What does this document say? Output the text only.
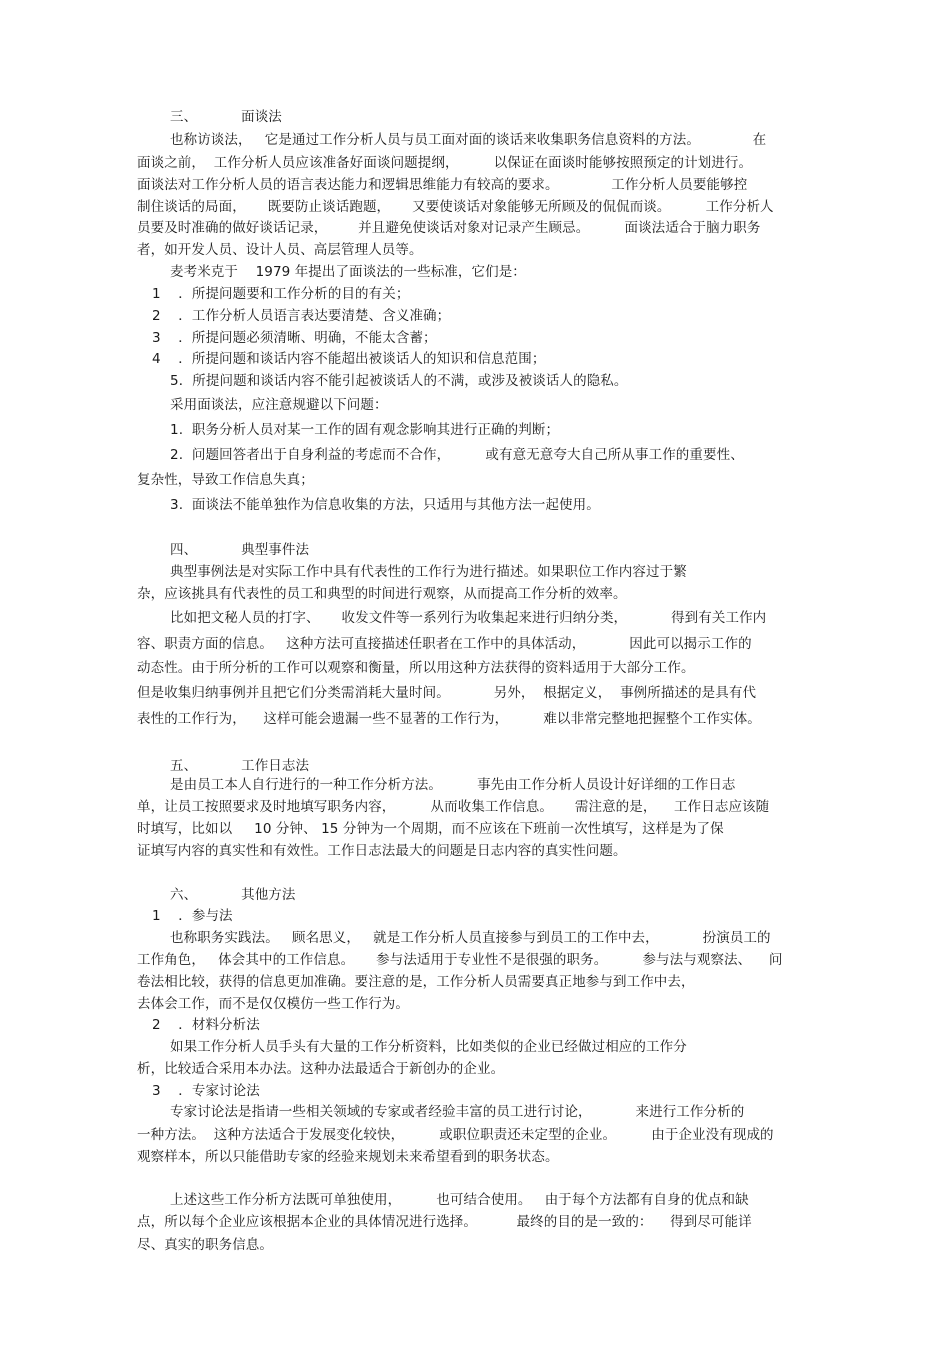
三、          面谈法
也称访谈法，   它是通过工作分析人员与员工面对面的谈话来收集职务信息资料的方法。            在
面谈之前，  工作分析人员应该准备好面谈问题提纲，        以保证在面谈时能够按照预定的计划进行。
面谈法对工作分析人员的语言表达能力和逻辑思维能力有较高的要求。            工作分析人员要能够控
制住谈话的局面，     既要防止谈话跑题，     又要使谈话对象能够无所顾及的侃侃而谈。        工作分析人
员要及时准确的做好谈话记录，       并且避免使谈话对象对记录产生顾忌。        面谈法适合于脑力职务
者，如开发人员、设计人员、高层管理人员等。
麦考米克于    1979 年提出了面谈法的一些标准，它们是：
1    ．所提问题要和工作分析的目的有关；
2    ．工作分析人员语言表达要清楚、含义准确；
3    ．所提问题必须清晰、明确，不能太含蓄；
4    ．所提问题和谈话内容不能超出被谈话人的知识和信息范围；
5．所提问题和谈话内容不能引起被谈话人的不满，或涉及被谈话人的隐私。
采用面谈法，应注意规避以下问题：
1.  职务分析人员对某一工作的固有观念影响其进行正确的判断；
2.  问题回答者出于自身利益的考虑而不合作，        或有意无意夸大自己所从事工作的重要性、
复杂性，导致工作信息失真；
3.  面谈法不能单独作为信息收集的方法，只适用与其他方法一起使用。
四、          典型事件法
典型事例法是对实际工作中具有代表性的工作行为进行描述。如果职位工作内容过于繁
杂，应该挑具有代表性的员工和典型的时间进行观察，从而提高工作分析的效率。
比如把文秘人员的打字、     收发文件等一系列行为收集起来进行归纳分类，          得到有关工作内
容、职责方面的信息。   这种方法可直接描述任职者在工作中的具体活动，          因此可以揭示工作的
动态性。由于所分析的工作可以观察和衡量，所以用这种方法获得的资料适用于大部分工作。
但是收集归纳事例并且把它们分类需消耗大量时间。          另外，  根据定义，  事例所描述的是具有代
表性的工作行为，    这样可能会遗漏一些不显著的工作行为，        难以非常完整地把握整个工作实体。
五、          工作日志法
是由员工本人自行进行的一种工作分析方法。        事先由工作分析人员设计好详细的工作日志
单，让员工按照要求及时地填写职务内容，        从而收集工作信息。     需注意的是，    工作日志应该随
时填写，比如以     10 分钟、 15 分钟为一个周期，而不应该在下班前一次性填写，这样是为了保
证填写内容的真实性和有效性。工作日志法最大的问题是日志内容的真实性问题。
六、          其他方法
1    ．参与法
也称职务实践法。   顾名思义，   就是工作分析人员直接参与到员工的工作中去，          扮演员工的
工作角色，   体会其中的工作信息。     参与法适用于专业性不是很强的职务。        参与法与观察法、    问
卷法相比较，获得的信息更加准确。要注意的是，工作分析人员需要真正地参与到工作中去，
去体会工作，而不是仅仅模仿一些工作行为。
2    ．材料分析法
如果工作分析人员手头有大量的工作分析资料，比如类似的企业已经做过相应的工作分
析，比较适合采用本办法。这种办法最适合于新创办的企业。
3    ．专家讨论法
专家讨论法是指请一些相关领域的专家或者经验丰富的员工进行讨论，          来进行工作分析的
一种方法。  这种方法适合于发展变化较快，        或职位职责还未定型的企业。        由于企业没有现成的
观察样本，所以只能借助专家的经验来规划未来希望看到的职务状态。
上述这些工作分析方法既可单独使用，        也可结合使用。   由于每个方法都有自身的优点和缺
点，所以每个企业应该根据本企业的具体情况进行选择。         最终的目的是一致的：    得到尽可能详
尽、真实的职务信息。
